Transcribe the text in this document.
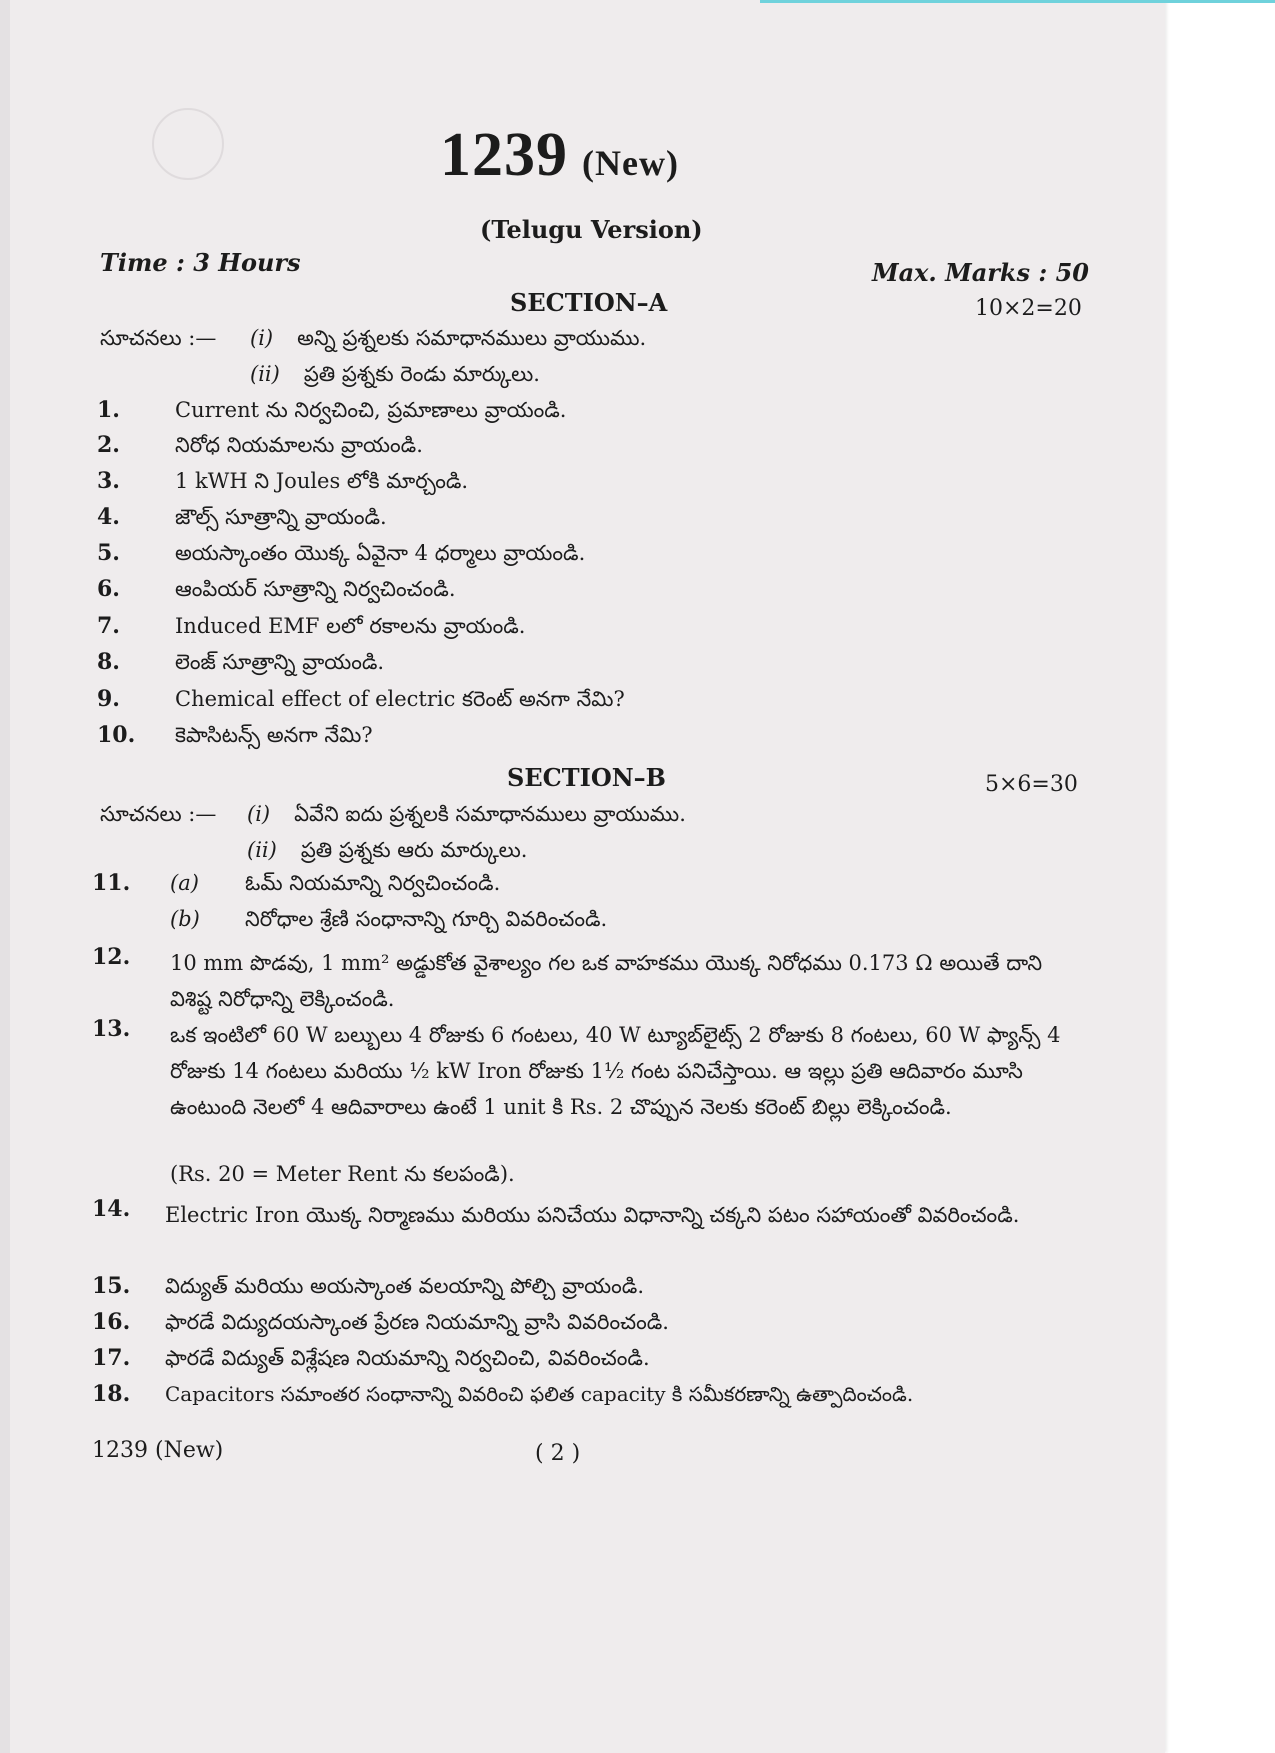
1239 (New)
(Telugu Version)
Time : 3 Hours	Max. Marks : 50
SECTION–A	10×2=20
సూచనలు :— (i) అన్ని ప్రశ్నలకు సమాధానములు వ్రాయుము.
(ii) ప్రతి ప్రశ్నకు రెండు మార్కులు.
1.	Current ను నిర్వచించి, ప్రమాణాలు వ్రాయండి.
2.	నిరోధ నియమాలను వ్రాయండి.
3.	1 kWH ని Joules లోకి మార్చండి.
4.	జౌల్స్ సూత్రాన్ని వ్రాయండి.
5.	అయస్కాంతం యొక్క ఏవైనా 4 ధర్మాలు వ్రాయండి.
6.	ఆంపియర్ సూత్రాన్ని నిర్వచించండి.
7.	Induced EMF లలో రకాలను వ్రాయండి.
8.	లెంజ్ సూత్రాన్ని వ్రాయండి.
9.	Chemical effect of electric కరెంట్ అనగా నేమి?
10. కెపాసిటన్స్ అనగా నేమి?
SECTION–B	5×6=30
సూచనలు :— (i) ఏవేని ఐదు ప్రశ్నలకి సమాధానములు వ్రాయుము.
(ii) ప్రతి ప్రశ్నకు ఆరు మార్కులు.
11. (a) ఓమ్ నియమాన్ని నిర్వచించండి.
(b) నిరోధాల శ్రేణి సంధానాన్ని గూర్చి వివరించండి.
12. 10 mm పొడవు, 1 mm² అడ్డుకోత వైశాల్యం గల ఒక వాహకము యొక్క నిరోధము 0.173 Ω అయితే దాని విశిష్ట నిరోధాన్ని లెక్కించండి.
13. ఒక ఇంటిలో 60 W బల్బులు 4 రోజుకు 6 గంటలు, 40 W ట్యూబ్‌లైట్స్ 2 రోజుకు 8 గంటలు, 60 W ఫ్యాన్స్ 4 రోజుకు 14 గంటలు మరియు ½ kW Iron రోజుకు 1½ గంట పనిచేస్తాయి. ఆ ఇల్లు ప్రతి ఆదివారం మూసి ఉంటుంది నెలలో 4 ఆదివారాలు ఉంటే 1 unit కి Rs. 2 చొప్పున నెలకు కరెంట్ బిల్లు లెక్కించండి.
(Rs. 20 = Meter Rent ను కలపండి).
14. Electric Iron యొక్క నిర్మాణము మరియు పనిచేయు విధానాన్ని చక్కని పటం సహాయంతో వివరించండి.
15. విద్యుత్ మరియు అయస్కాంత వలయాన్ని పోల్చి వ్రాయండి.
16. ఫారడే విద్యుదయస్కాంత ప్రేరణ నియమాన్ని వ్రాసి వివరించండి.
17. ఫారడే విద్యుత్ విశ్లేషణ నియమాన్ని నిర్వచించి, వివరించండి.
18. Capacitors సమాంతర సంధానాన్ని వివరించి ఫలిత capacity కి సమీకరణాన్ని ఉత్పాదించండి.
1239 (New)	( 2 )
